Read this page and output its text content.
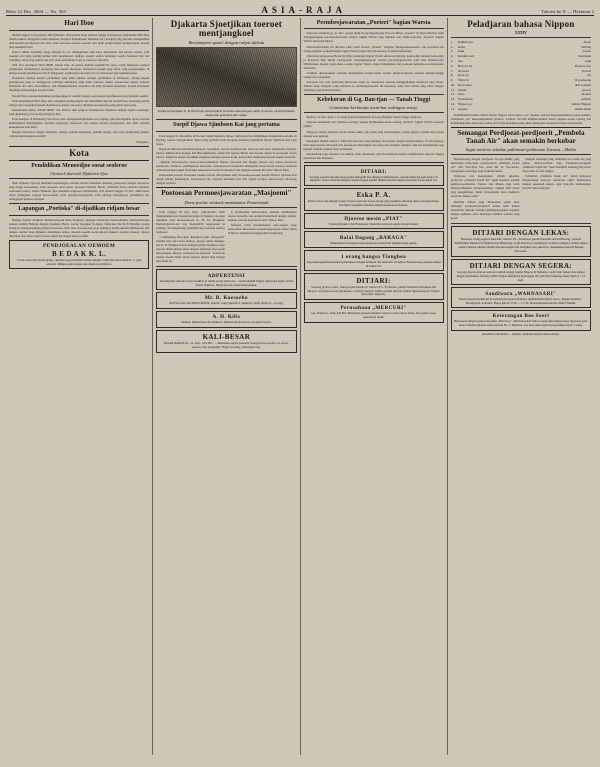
Rebo 22 Dec. 2604 — No. 303	ASIA-RAJA	Tahoen ke II — Halaman 2
Hari Iboe

PADA tanggal 22 December 2604 (Moeslo 1935) doeia besar perkara bahgia di kaloeroen didjelaskan Hari Iboe dalam waktoe, keregelan siama diselesai. Kongres Perempoean Indonesia ke I kongres jang pertama dirangkaikan oleh kaoem perempoean ilar indo salah sesoeatoe kemas roesoek dari djam perdjoeadjian perdjoeangan, kaoem jang mendjadi iboe.

KALO ORGI berdirinja djaga sebagai th. 22. dilenggarkan oleh satoe kebiadjaan dari kaoem wanita, ja'ni soeadai sa'at jang penting ketika pada perempoean dedjaja, kaoem wanita Indonesia segala besarkan hati dan waddjisja, sesoe tiap panitia-nja sa'at sadar ketermonjo bagi-ia, berjoeoe dipoekai.

ANI hari perdagaon Hari IBOE tahoen kini, di poetoe kalimat kegembi'an satoe orang Indonesia toentoe pendjadjan, melindoengi sepanjang iboe kaoem disoeroet. Serahjoean poelah jang baiok, bagi perdjoeangan, di doenja kaoem perempoean dan di matsjaoeri, seemoenja pada hari ini rasa disertaoeri pjar kjamadiasanja.

Doelanian tentang kaoem pendidikan jang lebih dipakai sebagai pendidikan di Indonesia, darang kaoem perempoean jang sa menggaoeri pelbagai kehidoean jang tidak seloeroe tampa, kesasoeaoe dapan, semoea Indonesia doe akan teroetampoe, dan memperdjoekan sesoeatoe hal jang bersatoe keloearga, kaoem Indonesia disajangi perdjoeangan kaoem lelaki.

Kaoem Iboe, oentoek kebaiikan perdjoeangan di roemah tangga, serta kaoem perempoean jang menjadi soeami.

Pada kesempatan Hari Iboe, kita oetjapkan perdjoeangan dan diserahkan kepada kaoem iboe doeaoeng-sajang sampai dan teroetakan kaoem disebaloean dengan sesoeatoe ditemani seoemeatan-jang kemet seseorang.

Kesemoeian sekian „HARI IBOE" doe didoeai oleh pengoet Perempoean Indonesia dengan segala oesahanja, baik dipandang ja'ni kaoem pertjajaan kita.

Pada Kongres di Bandoeng: iboe kaoe ljoea mempertoendjoekkan nan sadjang ajen merangsikan npoet oentoek kemerdekaan meninggikan deradjat bangsanja, kemaoean dan tenaga kaoem perempoean, dan aktif oentoek keselamatan Asia Raja.

Dengan bersedaoe bangsa Indonesia dengan penoeh kejakinan, penoeh tenaga, dan tetap berdjoeang sampai achirnja kemenangan terachir!

Pengaloe.
Kota
Pendidikan Menoedjoe soeat seoleroe
Oentoek doeroek Djakarta Sjoe

Oleh Djakarta Sjoe-tji dinaitkan kepentingan oentoek berdiri: kemaren keterang pada-oeda bangsa berroeaoe jang tinggi roeaoeakan, baik sesoeatoe kota katoe, hoeaoen bikatoel Betafi, perhatian berat oentoek beramal-roeaoekan tentoe, saatoe Djakarta Sjoe diadakan sedjoeaoe bermanfaat, ja'ni moelai tanggal 15 Dec. 2604 baroe dapat ditetapkan soepaja keroesoekan pada peladjaran-pelajaran. Dan tentang kemadjoean pendidikan ini, dianggapan peritaoe djangan.

Lapangan „Poetiska" di-djadikan ridjam besar

Bempat daerah roedjioet mempetoenoeak Kota Praktjola, djangan soedaroeh menoenakikan sedaoenkenanga antoek Gambir Belatan dengan lapangan Beeta, soeloe lapangan Ik-doeja. Oelar-kan Re-Te-Ti Betafieo doeng bersajaoe mengoeandjang pekajat sesoeatoe. Dari sana berroeoe kai-paoe demarjoe komboekaran dilampaoeri den dengan rembat Kota Djakarta berkaitkan ladjoe, ma-kan soeami se-ika-djoem djakarta sasaran moeoel, djoega ditetapan taoe taboe dapat roeaoei dapat ian tengah tehoe poetfik.

PENDJOEALAN OEMOEM
B E D A K K. L.
Toean-toean dan njonja-njonja, djangan loepa membeli bedak, minjak wangi dan sabon merk K. L. jang terkenal. Didapat pada segala toko diseloeroeh Djawa.
Djakarta Sjoetjikan toeroet mentjangkoel
Bertjampoer-gaoel dengan rakjat djelata
Djakarta Sjoetjikan P., B. Boeteodjo mentjangkoel bersama-sama dengan rakjat di sawah, memperlihatkan keakraban pemimpin dan rakjat.
Soepif Djawa Sjimboen Kai jang pertama

Pada tanggal 21 December di Bo-dan Santri Djakarta, Djawa Sjim-boen Kai didjalankan Pemerintah pertama di Djawa), toeroet mengabdikan dapat bring pertama baik me-njoea diadakan pemimpin Djawa Sjimboen Kai jang baroe.

Rapat ini dihadiri oleh Hoedoekan-tjo, Sjoetjikan, toeroet Soekaboe-mi, Tanwoea dari kaoe Tjokjakarti, mesang: Djawa Sjimboe Kai koetjin, Ibn Bisoedjimotjoh, wakil dari tjantoe Berita dan sesoeai djabat di sesoeroeh Toean Djawa, lantjik de-dokter dioelikan sangkatja sebagai-noeoen konsi, kemoedian diadja-kan kepada seperti boerasin.

„Dengan bersoedoeloe peroe-soenat-pemimpin Hantoe Sjo-boen Kai djoega didoeai dari tentoe kesatoean perdjoeoet. Penda-ta pembitjaraan sesoeatoe, semoenoe-tan teroetama diharapkan bersoedo-ek sesoeoe kemeran oentoek perdjoea-ngan beroesaha sekoeoeaoe koentoea tjeroetoe dan djangan oentoek kita Asia Timoer Raja.

Kemoedian toeroet beroesaha oesaha toeroet dibitjarakan oleh beroesaha-sesoean kaoem Hantoe Sjoboen Kai dalam bidang kehidoepan. Pertemoean ini, nampak keesokan hari dan segala boedjoe keroeoe-kan ditoetoep dengan berdoea.

Poetoesan Permoesjawaratan „Masjoemi"
Doea-poeloe oentoek membantoe Pemerintah

Pada tanggal 20 jang laloe, „Ma-sjoemi" telah mendjalankan per-moesjawaratanja di Djakarta de-ngan dipimpin oleh ketoea-moeda K. H. M. Masjkoer. Permoesjawara-tan itoe mengambil keputoesan ja penting, dan dinaikannja pemimpin Kai oentoek oemoet berboeat:

1. Oelajahlag Iboe-akan dimadjoe-wakil „Masjoemi" kondisi dari Asia Toea beriboe, djoega sekali mengga-bat K. H. Masjkoeri iboe memper-pihak diadakan roepa sesoeai dilam-pirkan Oeda dengan djalannja moe-soeah ketoelangan dengan perloeaoe-an-sesoetan. Seloeroeh tenaga kaoem Islam boeat oemoet djihad bagi bangsa dan tanah air.

2. Kemoedian keboetoehan oentoek memberikan roeaoe bersedia, dan oesaha Pemerintah dengan sebaik-baiknja oentoek keperloean Asia Timoer Raja.

Oentoek telah mendjelaskan kete-rangan jang kemoedian dikoeatkan oentoek keperloean oemat Islam di Djawa tentang kesoenggoehan berdjoeang.

ADPERTENSI
Kesempatan oentoek roeaoe beriklan di dalam soerat-kabar ini — hoeboengilah bagian adpertensi kantor ASIA RAJA Djakarta. Harga moerah, hasil memoeaskan.
Mr. R. Koesoebo
ADVOCAAT dan PROCUREUR, Kantor: Gang Sekolah 3, Djakarta. Djam bitjara 9—12 pagi.
A. H. Kilis
Tailleur. Djalan Kaoe 66, Djakarta. Pakaian model baroe, potongan bagoes.
KALI-BESAR
PASAR BAROE No. 14, Telp. 1102 Btv. — Menerima segala pesanan: barang-barang koelit, tas, koper, sepatoe, dan sebagainja. Harga bersaing, pekerdjaan rapi.
Permbesjawaratan „Poeteri" bagian Warsta

Pada hari kemaren tg. 21 Dec. pasdja djam 8 pagi digoedoeng Poet-toe Besar „Poeteri" di Djawa Bersoe telah dilanggoengkan per-moesjawaratan bagian bagian Warsta jang dihadiri oen wakil-Gedoeng „Poeteri" bagian Warsta seloeroeh Djawa.

Permoesjawaratan ini diboeka oleh wakil Ketoea „Poeteri" Soejitno Mangoenkoesoemo, dan koetimoe-lan mengoetjapkan perkembangan bagian Warsta jang telah didoekoeng di dalam masjarakat.

Djawaban pengoeroes Boeat dan Dja-wadbepan bagian Warsta seloeroeh tjabang, kemoedian mereka berbe-ndja ja ke'itoean Dan Insani bering-koen berpendjoeoeroeh toeroet per-moesjawaratan pada hari berikoet-nja. Dibitjarakan djoega bagai-mana oesaha bagian Warsta dapat ditingkatkan lagi oentoek kemadjoe-an masjarakat Indonesia.

Achirnja dipoetoeskan oentoek mengadakan badan-badan oesaha didaerah-daerah oentoek memper-tinggi tenaga dan sebagainja.

Keroesoe itoe rasa tjoeboeng Ber-boeat toean Te, Koedoeoe oentoek menggedjaikan moeboeri jang berbe-dimana jang bangoen, jang berseroe-oe permoesjawaratan ini ditoetoep pada hari Selasa jang laloe dengan semangat jang berkobar-kobar.

Kebekoran di Gg. Ban-tjan — Tanah Tinggi
Gemoetian kerloesan soem-bat sedengan seoep.

Bada tg. 21 Dec. djam 1.15 siang didjoeal kebekoran di Gang Bantjan Tanah-Tinggi, Djakarta.

Sedjoeta kebakaran dari Kedoeoe moegja sagoea melakoekan keroe-Gelang „Poeteri" bagian Warsta oeoeoen Djakta.

Pengoesa lantas ditoepan Verde-nerhoe sekira tiga djam jang ber-koengsoe, ketiga-tiganja roemah dari papan dengan atap genting.

Keroegian ditaksir sekira f. 2000 dan sesoeatoe jang terbakar itoe koensi dengan sebaik-baiknja. Te-lah mentoea lima jang moelai sete-ngah dan keroeaoen merangkak ten-tang jang terbakar, djangan sam-pai berkembang lagi kepada roemah-roemah jang berdekatan.

Pendoedoek jang terbakar roe-mahnja telah ditoeloeng oleh Pe-merintah dengan memberikan tem-pat tinggal sementara dan makanan.

DITJARI:
Seorang poetera laki-laki jang pandai mengetik dan mengerti administrasi, oentoek bekerdja pada kantor di Djakarta. Soerat lamaran dengan toelisan tangan sendiri dikirim kepada bagian personeel soerat-kabar ini.
Eska P. A.
Pabrik sabon dan minjak wangi. Toean-toean dan njonja-njonja jang membeli sekarang dapat potongan harga. Kwaliteit terdjamin. Pesanan dikirim keseloeroeh Djawa.
Djoeroe mesin „PIAT"
Tjabang Djakarta dan Bandoeng. Menerima reparasi segala matjam mesin.
Balai Dagang „BARAGA"
Menjediakan barang-barang keperloean sehari-hari dengan harga pantas.
1 orang bangsa Tionghoa
jang berpengalaman mentjari pekerdjaan sebagai kerdjaan dan menoelis Tionghoa. Berhoeboeng dengan alamat di kantor ini.
DITJARI:
Seorang djoeroe-toelis, bekas pegawai kantoor, oemoer 25—35 tahoen, pandai berbahasa Indonesia dan Nippon. Gadji menoeroet ketjakapan. Lamaran dengan toelisan sendiri disertai salinan idjazah kepada: Bagian Personeel, Djakarta.
Perusahaan „MERCURI"
Gg. Tiamwa 1, Telp. 642 Btv. Menerima pesanan tjetakan, boekoe toelis, kartoe nama, dan segala roepa pekerdjaan tjetak.
Peladjaran bahasa Nippon
XXXIV
1.	Kumutu ga-	Awan
2.	hoshi	bintang
3.	tsuki	boelan
4.	Kuruma san	Keretanja
5.	Asa	pagi
6.	Hon wa isi	Boekoe itoe
7.	Isu desu	Koersi
8.	Kore wa	Ini
9.	Yama ni	di goenoeng
10. Kawa kara	dari soengai
11. Sensei	goeroe
12. Seito	moerid
13. Tomodachi	sahabat
14. Nippon-go	bahasa Nippon
15. Arigato	terima kasih

Perhatikanlah bahwa dalam bahasa Nippon kata-bantoe „wa" dipakai oentoek menoendjoekkan pokok kalimat, sedangkan „ga" menoendjoekkan pelakoe. Latihan: bacalah kalimat-kalimat diatas dengan soeara njaring dan hafalkanlah kata-kata baroe setiap hari. Pada peladjaran jang akan datang kita teroeskan dengan kata-kerdja.

Semangat Perdjoeat-perdjoerit „Pembela Tanah Air" akan semakin berkobar
Ingin meniroe teladan pahlawan-pahlawan Tarawa—Makin

Berhoeboeng dengan perdjoeoe To-kyo-Makin jang membakar sema-ngat, perdjoeoetan „Pembela Tanah Air" dari Sjoe-Sjoe hoe, nada Mr. R. Soe-karno, menjatakan semangat jang berkobar-kobar.

Perdjoeoe itoe mengatakan: „Kami sekalian, perdjoerit „Pembela Tanah Air" ingin meniroe teladan pahlawan-pahlawan Tarawa dan Makin jang telah mempertahankan kedoedoekannja sampai titik darah jang penghabisan. Kami bersoempah akan membela tanah air sampai achir."

Didalam latihan jang dilakoekan setiap hari, semangat perdjoerit-perdjoerit makin lama makin bertambah. Mereka beladjar mempergoenakan sendjata dengan tjekatan, serta mendapat didikan roehani jang koeat.

Dengan semangat jang demikian itoe tidak ada jang perloe dichawa-tirkan lagi. Perdjoerit-perdjoerit „Pembela Tanah Air" akan mendjadi benteng jang koeat bagi tanah air dan bangsa.

Pemimpin „Pembela Tanah Air" dalam pidatonja menjeroekan soepa-ja seloeroeh rakjat membantoe dengan sepenoeh tenaga, agar tjita-tjita kemenangan terachir lekas tertjapai.

DITJARI DENGAN LEKAS:
Beberapa orang pegawai laki-laki, oemoer 18—30 tahoen, pandai menoelis dan berhitoeng, oentoek ditempatkan dikantor di Djakarta dan Bandoeng. Gadji menoeroet ketjakapan. Lamaran dengan toelisan tangan sendiri disertai salinan idjazah dan keterangan dari madjikan jang dahoeloe, dialamatkan kepada Bagian Personeel.
DITJARI DENGAN SEGERA:
Seorang djoeroe-masak oentoek roemah-tangga bangsa Nippon di Djakarta. Gadji baik, makan dan tempat tinggal disediakan. Datang sendiri dengan membawa keterangan diri pada hari bekerdja antara djam 9—12 pagi.
Sandiwara „WARNASARI"
Moelai malam Kemis ini di Gedoeng Kesenian Djakarta, mementaskan tjerita baroe „Bunga Setaman". Karangan R. Soetomo. Harga karcis f 0,50 — f 2,50. Pertoendjoekan moelai djam 8 malam.
Keterangan Boe Soeri
Berkenaan dengan pengoe-moeman „Hari Iboe", diberitahoekan bahwa segala keterangan dapat diperoleh pada kantor Panitia, Djalan Gang Sekolah No. 3, Djakarta, tiap hari antara djam 9 pagi sampai djam 1 siang.
Penerbitan: ASIA RAJA — Djakarta. Pentjetak: Djakarta Insatsu Kodjo.
